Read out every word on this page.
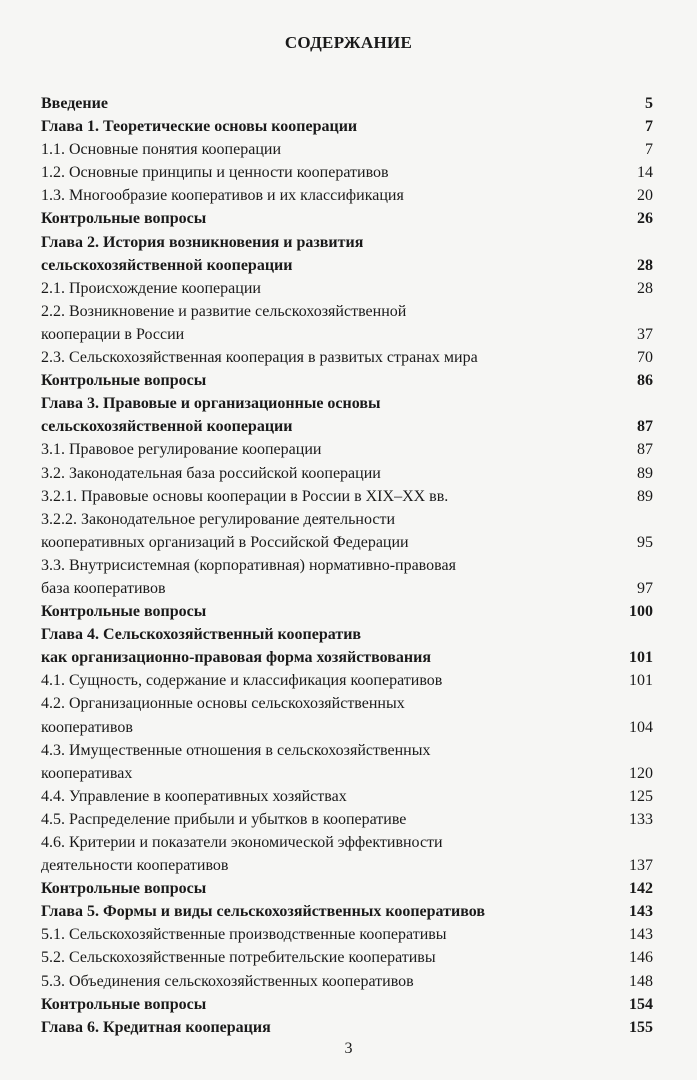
СОДЕРЖАНИЕ
Введение	5
Глава 1. Теоретические основы кооперации	7
1.1. Основные понятия кооперации	7
1.2. Основные принципы и ценности кооперативов	14
1.3. Многообразие кооперативов и их классификация	20
Контрольные вопросы	26
Глава 2. История возникновения и развития
сельскохозяйственной кооперации	28
2.1. Происхождение кооперации	28
2.2. Возникновение и развитие сельскохозяйственной
кооперации в России	37
2.3. Сельскохозяйственная кооперация в развитых странах мира	70
Контрольные вопросы	86
Глава 3. Правовые и организационные основы
сельскохозяйственной кооперации	87
3.1. Правовое регулирование кооперации	87
3.2. Законодательная база российской кооперации	89
3.2.1. Правовые основы кооперации в России в XIX–XX вв.	89
3.2.2. Законодательное регулирование деятельности
кооперативных организаций в Российской Федерации	95
3.3. Внутрисистемная (корпоративная) нормативно-правовая
база кооперативов	97
Контрольные вопросы	100
Глава 4. Сельскохозяйственный кооператив
как организационно-правовая форма хозяйствования	101
4.1. Сущность, содержание и классификация кооперативов	101
4.2. Организационные основы сельскохозяйственных
кооперативов	104
4.3. Имущественные отношения в сельскохозяйственных
кооперативах	120
4.4. Управление в кооперативных хозяйствах	125
4.5. Распределение прибыли и убытков в кооперативе	133
4.6. Критерии и показатели экономической эффективности
деятельности кооперативов	137
Контрольные вопросы	142
Глава 5. Формы и виды сельскохозяйственных кооперативов	143
5.1. Сельскохозяйственные производственные кооперативы	143
5.2. Сельскохозяйственные потребительские кооперативы	146
5.3. Объединения сельскохозяйственных кооперативов	148
Контрольные вопросы	154
Глава 6. Кредитная кооперация	155
3
